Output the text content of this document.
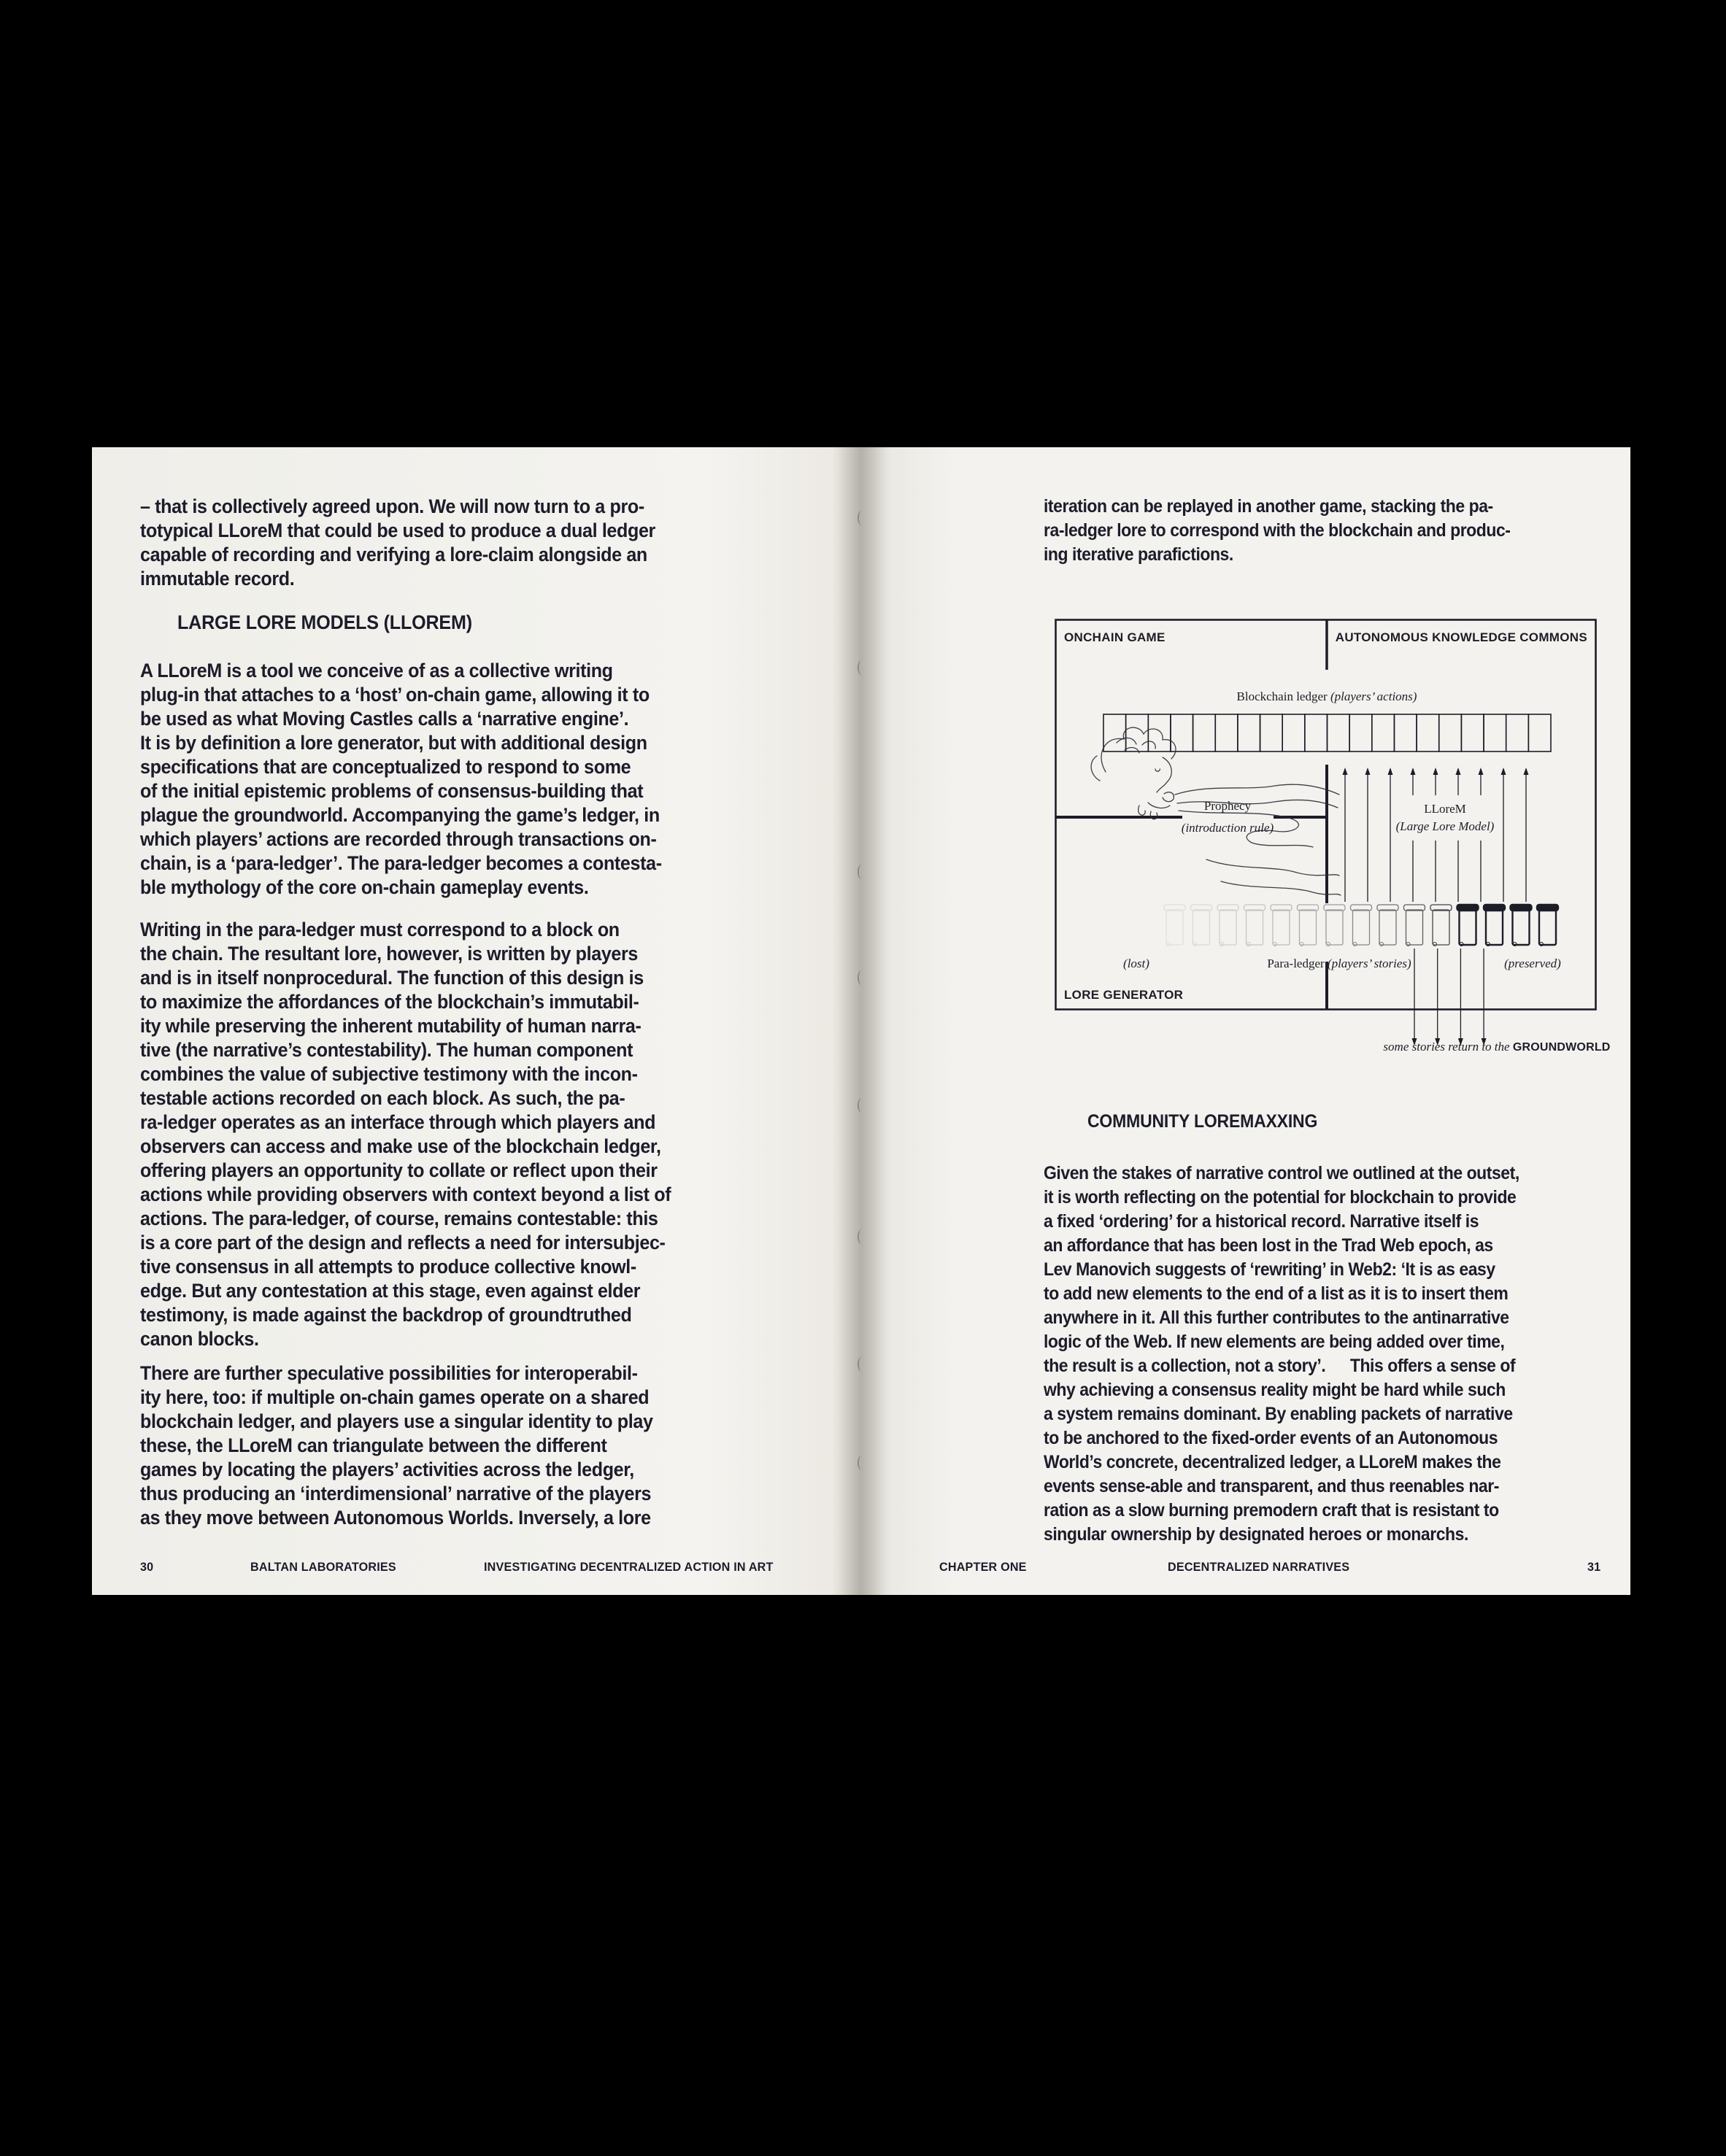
– that is collectively agreed upon. We will now turn to a pro-
totypical LLoreM that could be used to produce a dual ledger
capable of recording and verifying a lore-claim alongside an
immutable record.
LARGE LORE MODELS (LLOREM)
A LLoreM is a tool we conceive of as a collective writing
plug-in that attaches to a ‘host’ on-chain game, allowing it to
be used as what Moving Castles calls a ‘narrative engine’.
It is by definition a lore generator, but with additional design
specifications that are conceptualized to respond to some
of the initial epistemic problems of consensus-building that
plague the groundworld. Accompanying the game’s ledger, in
which players’ actions are recorded through transactions on-
chain, is a ‘para-ledger’. The para-ledger becomes a contesta-
ble mythology of the core on-chain gameplay events.
Writing in the para-ledger must correspond to a block on
the chain. The resultant lore, however, is written by players
and is in itself nonprocedural. The function of this design is
to maximize the affordances of the blockchain’s immutabil-
ity while preserving the inherent mutability of human narra-
tive (the narrative’s contestability). The human component
combines the value of subjective testimony with the incon-
testable actions recorded on each block. As such, the pa-
ra-ledger operates as an interface through which players and
observers can access and make use of the blockchain ledger,
offering players an opportunity to collate or reflect upon their
actions while providing observers with context beyond a list of
actions. The para-ledger, of course, remains contestable: this
is a core part of the design and reflects a need for intersubjec-
tive consensus in all attempts to produce collective knowl-
edge. But any contestation at this stage, even against elder
testimony, is made against the backdrop of groundtruthed
canon blocks.
There are further speculative possibilities for interoperabil-
ity here, too: if multiple on-chain games operate on a shared
blockchain ledger, and players use a singular identity to play
these, the LLoreM can triangulate between the different
games by locating the players’ activities across the ledger,
thus producing an ‘interdimensional’ narrative of the players
as they move between Autonomous Worlds. Inversely, a lore
30	BALTAN LABORATORIES	INVESTIGATING DECENTRALIZED ACTION IN ART
iteration can be replayed in another game, stacking the pa-
ra-ledger lore to correspond with the blockchain and produc-
ing iterative parafictions.
COMMUNITY LOREMAXXING
Given the stakes of narrative control we outlined at the outset,
it is worth reflecting on the potential for blockchain to provide
a fixed ‘ordering’ for a historical record. Narrative itself is
an affordance that has been lost in the Trad Web epoch, as
Lev Manovich suggests of ‘rewriting’ in Web2: ‘It is as easy
to add new elements to the end of a list as it is to insert them
anywhere in it. All this further contributes to the antinarrative
logic of the Web. If new elements are being added over time,
the result is a collection, not a story’.  This offers a sense of
why achieving a consensus reality might be hard while such
a system remains dominant. By enabling packets of narrative
to be anchored to the fixed-order events of an Autonomous
World’s concrete, decentralized ledger, a LLoreM makes the
events sense-able and transparent, and thus reenables nar-
ration as a slow burning premodern craft that is resistant to
singular ownership by designated heroes or monarchs.
ONCHAIN GAME	AUTONOMOUS KNOWLEDGE COMMONS
LORE GENERATOR
Blockchain ledger (players’ actions)
LLoreM
(Large Lore Model)
Prophecy
(introduction rule)
(lost)	Para-ledger (players’ stories)	(preserved)
some stories return to the GROUNDWORLD
CHAPTER ONE	DECENTRALIZED NARRATIVES	31
